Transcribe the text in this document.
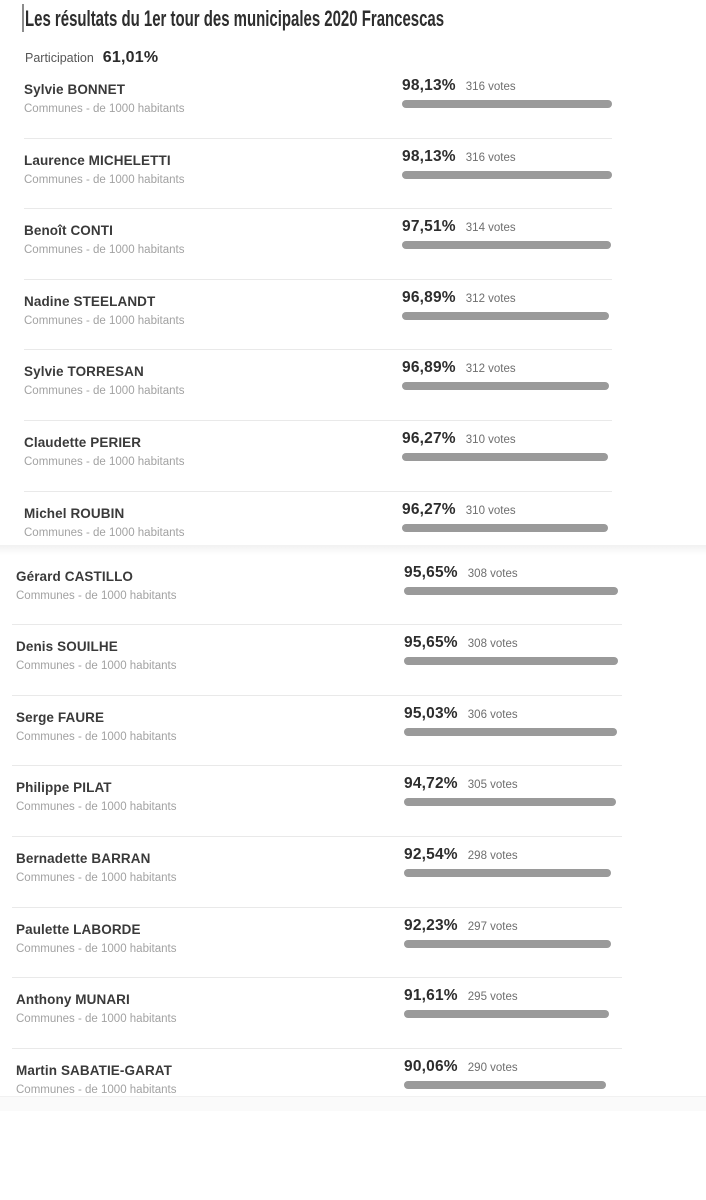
Les résultats du 1er tour des municipales 2020 Francescas
Participation 61,01%
Sylvie BONNET
Communes - de 1000 habitants
98,13% 316 votes
Laurence MICHELETTI
Communes - de 1000 habitants
98,13% 316 votes
Benoît CONTI
Communes - de 1000 habitants
97,51% 314 votes
Nadine STEELANDT
Communes - de 1000 habitants
96,89% 312 votes
Sylvie TORRESAN
Communes - de 1000 habitants
96,89% 312 votes
Claudette PERIER
Communes - de 1000 habitants
96,27% 310 votes
Michel ROUBIN
Communes - de 1000 habitants
96,27% 310 votes
Gérard CASTILLO
Communes - de 1000 habitants
95,65% 308 votes
Denis SOUILHE
Communes - de 1000 habitants
95,65% 308 votes
Serge FAURE
Communes - de 1000 habitants
95,03% 306 votes
Philippe PILAT
Communes - de 1000 habitants
94,72% 305 votes
Bernadette BARRAN
Communes - de 1000 habitants
92,54% 298 votes
Paulette LABORDE
Communes - de 1000 habitants
92,23% 297 votes
Anthony MUNARI
Communes - de 1000 habitants
91,61% 295 votes
Martin SABATIE-GARAT
Communes - de 1000 habitants
90,06% 290 votes
